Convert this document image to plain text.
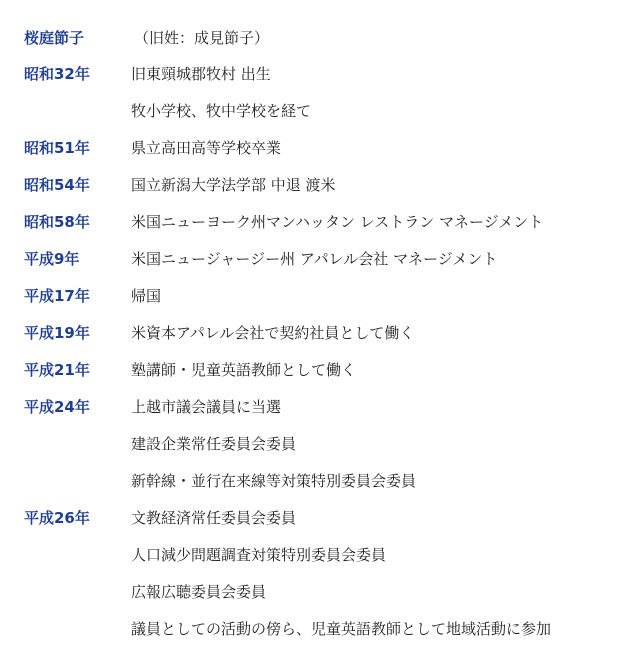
桜庭節子	（旧姓：成見節子）
昭和32年	旧東頸城郡牧村 出生
牧小学校、牧中学校を経て
昭和51年	県立高田高等学校卒業
昭和54年	国立新潟大学法学部 中退 渡米
昭和58年	米国ニューヨーク州マンハッタン レストラン マネージメント
平成9年	米国ニュージャージー州 アパレル会社 マネージメント
平成17年	帰国
平成19年	米資本アパレル会社で契約社員として働く
平成21年	塾講師・児童英語教師として働く
平成24年	上越市議会議員に当選
建設企業常任委員会委員
新幹線・並行在来線等対策特別委員会委員
平成26年	文教経済常任委員会委員
人口減少問題調査対策特別委員会委員
広報広聴委員会委員
議員としての活動の傍ら、児童英語教師として地域活動に参加
